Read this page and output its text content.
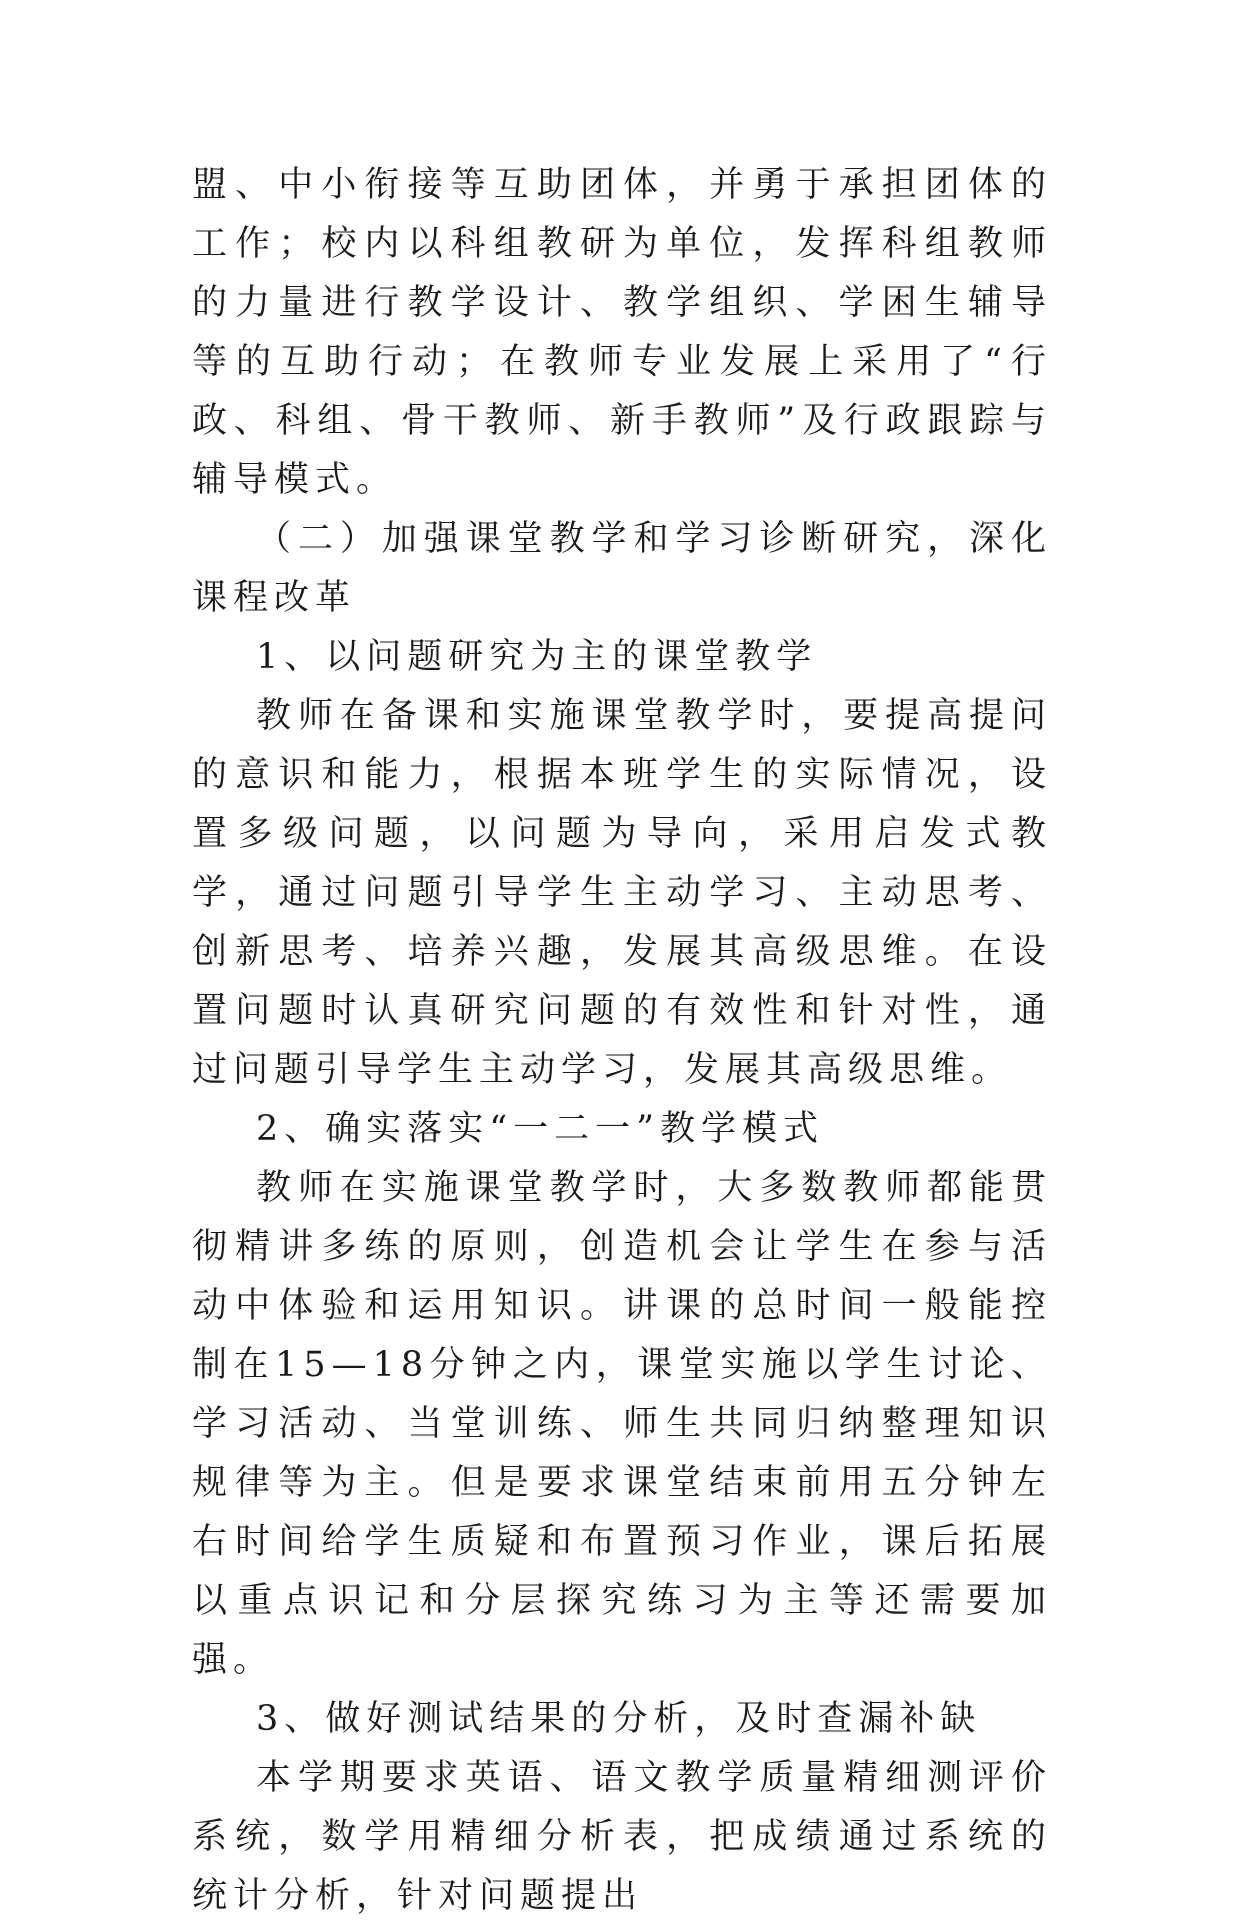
盟、中小衔接等互助团体，并勇于承担团体的工作；校内以科组教研为单位，发挥科组教师的力量进行教学设计、教学组织、学困生辅导等的互助行动；在教师专业发展上采用了“行政、科组、骨干教师、新手教师”及行政跟踪与辅导模式。

（二）加强课堂教学和学习诊断研究，深化课程改革

1、以问题研究为主的课堂教学

教师在备课和实施课堂教学时，要提高提问的意识和能力，根据本班学生的实际情况，设置多级问题，以问题为导向，采用启发式教学，通过问题引导学生主动学习、主动思考、创新思考、培养兴趣，发展其高级思维。在设置问题时认真研究问题的有效性和针对性，通过问题引导学生主动学习，发展其高级思维。

2、确实落实“一二一”教学模式

教师在实施课堂教学时，大多数教师都能贯彻精讲多练的原则，创造机会让学生在参与活动中体验和运用知识。讲课的总时间一般能控制在15—18分钟之内，课堂实施以学生讨论、学习活动、当堂训练、师生共同归纳整理知识规律等为主。但是要求课堂结束前用五分钟左右时间给学生质疑和布置预习作业，课后拓展以重点识记和分层探究练习为主等还需要加强。

3、做好测试结果的分析，及时查漏补缺

本学期要求英语、语文教学质量精细测评价系统，数学用精细分析表，把成绩通过系统的统计分析，针对问题提出
